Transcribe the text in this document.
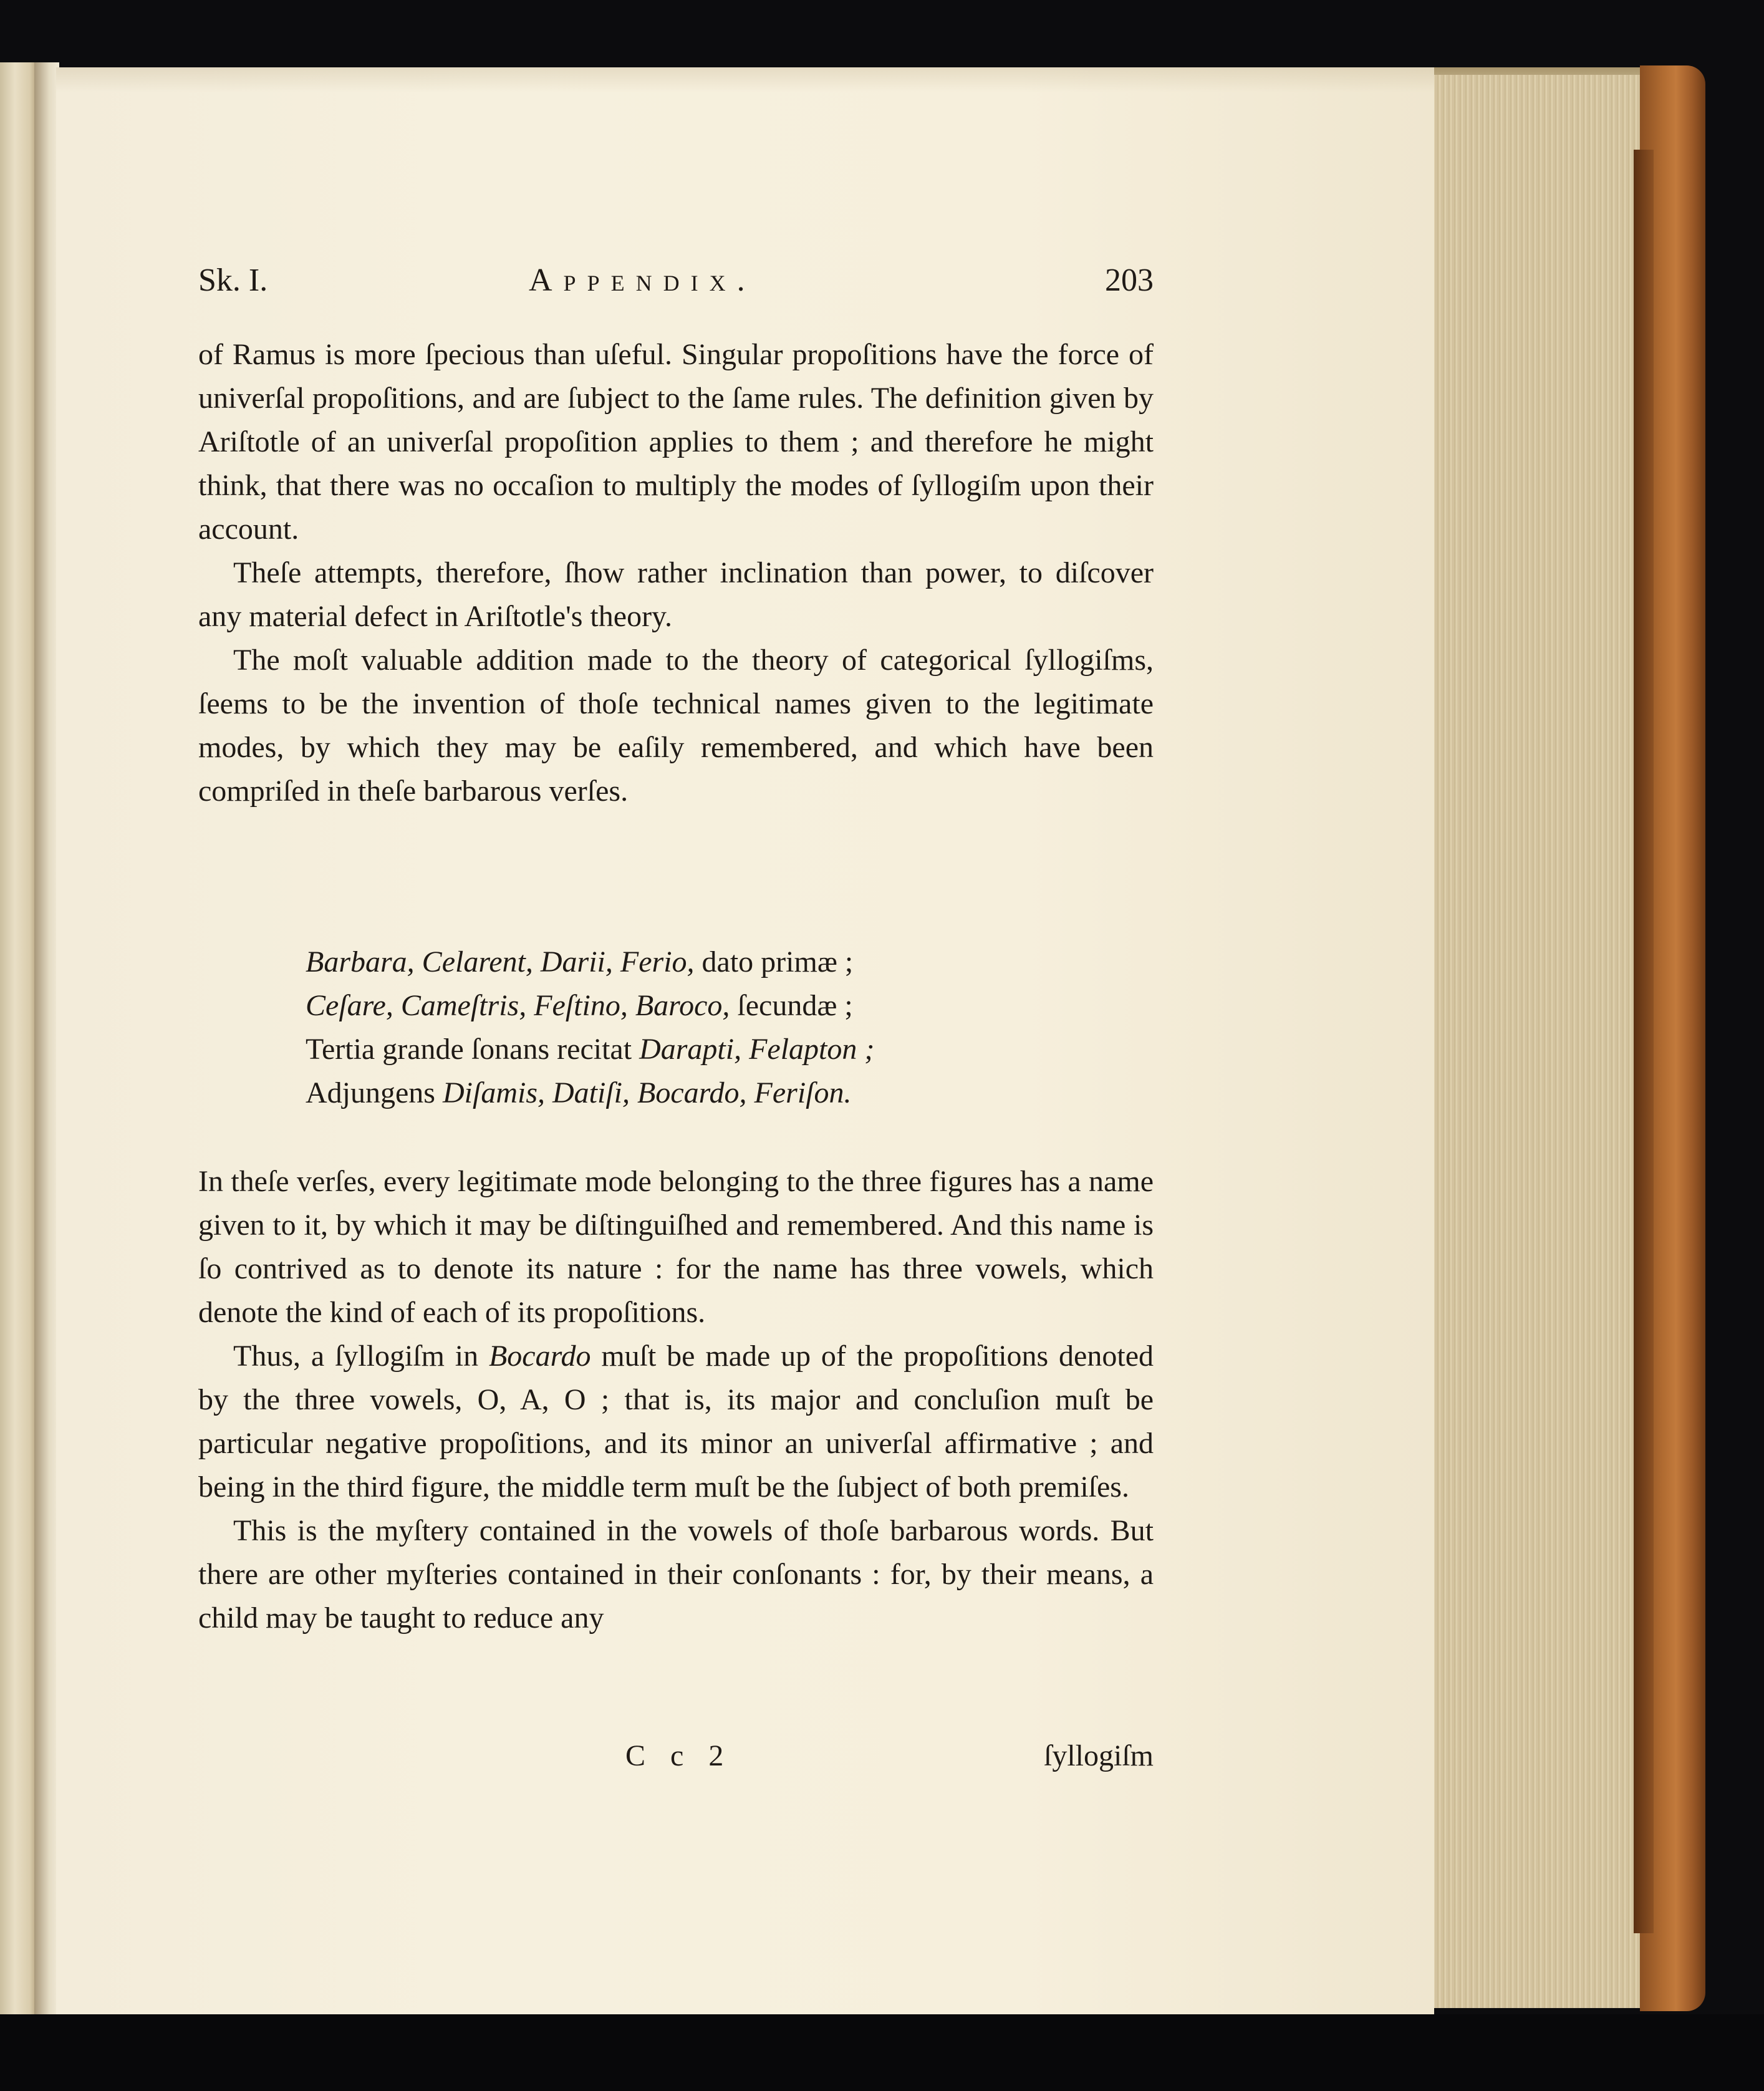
Sk. I.	Appendix.	203

of Ramus is more ſpecious than uſeful. Singular propoſitions have the force of univerſal propoſitions, and are ſubject to the ſame rules. The definition given by Ariſtotle of an univerſal propoſition applies to them ; and therefore he might think, that there was no occaſion to multiply the modes of ſyllogiſm upon their account.

Theſe attempts, therefore, ſhow rather inclination than power, to diſcover any material defect in Ariſtotle's theory.

The moſt valuable addition made to the theory of categorical ſyllogiſms, ſeems to be the invention of thoſe technical names given to the legitimate modes, by which they may be eaſily remembered, and which have been compriſed in theſe barbarous verſes.

Barbara, Celarent, Darii, Ferio, dato primæ ;
Ceſare, Cameſtris, Feſtino, Baroco, ſecundæ ;
Tertia grande ſonans recitat Darapti, Felapton ;
Adjungens Diſamis, Datiſi, Bocardo, Feriſon.

In theſe verſes, every legitimate mode belonging to the three figures has a name given to it, by which it may be diſtinguiſhed and remembered. And this name is ſo contrived as to denote its nature : for the name has three vowels, which denote the kind of each of its propoſitions.

Thus, a ſyllogiſm in Bocardo muſt be made up of the propoſitions denoted by the three vowels, O, A, O ; that is, its major and concluſion muſt be particular negative propoſitions, and its minor an univerſal affirmative ; and being in the third figure, the middle term muſt be the ſubject of both premiſes.

This is the myſtery contained in the vowels of thoſe barbarous words. But there are other myſteries contained in their conſonants : for, by their means, a child may be taught to reduce any

C c 2	ſyllogiſm
